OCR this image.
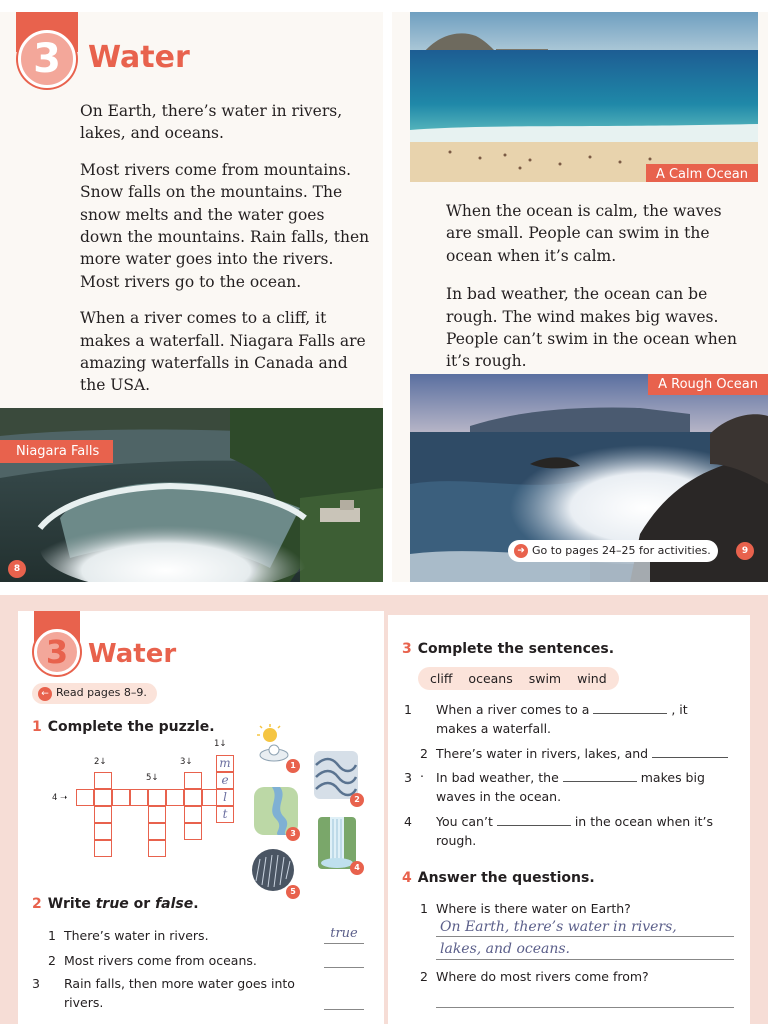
3 Water

On Earth, there’s water in rivers, lakes, and oceans.

Most rivers come from mountains. Snow falls on the mountains. The snow melts and the water goes down the mountains. Rain falls, then more water goes into the rivers. Most rivers go to the ocean.

When a river comes to a cliff, it makes a waterfall. Niagara Falls are amazing waterfalls in Canada and the USA.

Niagara Falls
8
A Calm Ocean

When the ocean is calm, the waves are small. People can swim in the ocean when it’s calm.

In bad weather, the ocean can be rough. The wind makes big waves. People can’t swim in the ocean when it’s rough.

A Rough Ocean
➜ Go to pages 24–25 for activities.	9
3 Water
← Read pages 8–9.
1 Complete the puzzle.
1↓
2↓	3↓
4 ➝
5↓
m
e
l
t
1
2
3
4
5
2 Write true or false.
1 There’s water in rivers.	true
2 Most rivers come from oceans.
3 Rain falls, then more water goes into rivers.
3 Complete the sentences.
cliff oceans swim wind
1 When a river comes to a	, it makes a waterfall.
2 There’s water in rivers, lakes, and .
3 In bad weather, the	makes big waves in the ocean.
4 You can’t	in the ocean when it’s rough.
4 Answer the questions.
1 Where is there water on Earth?
On Earth, there’s water in rivers,
lakes, and oceans.
2 Where do most rivers come from?
